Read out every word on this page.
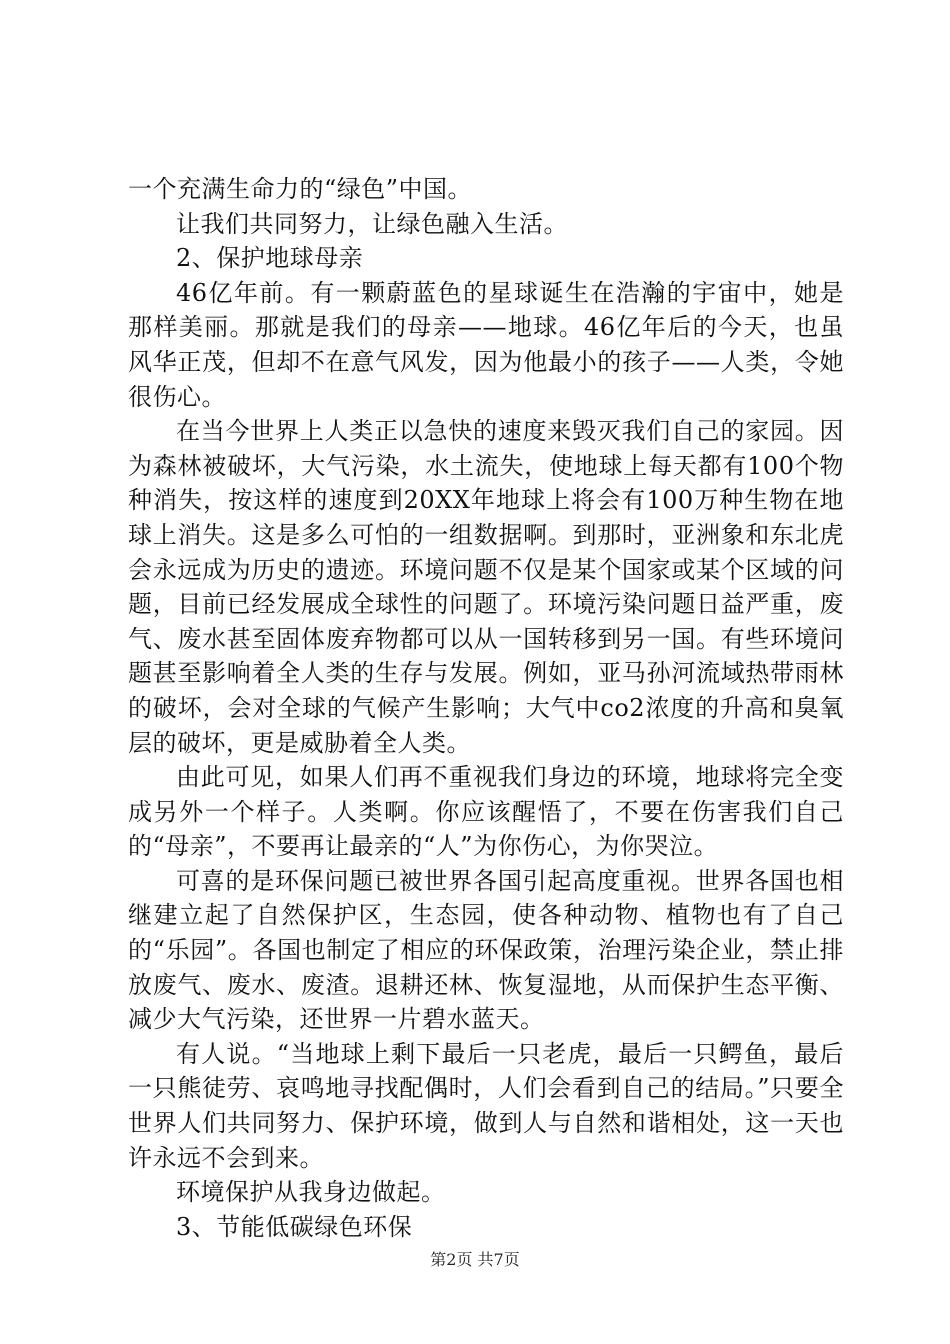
一个充满生命力的“绿色”中国。

让我们共同努力，让绿色融入生活。

2、保护地球母亲

46亿年前。有一颗蔚蓝色的星球诞生在浩瀚的宇宙中，她是那样美丽。那就是我们的母亲——地球。46亿年后的今天，也虽风华正茂，但却不在意气风发，因为他最小的孩子——人类，令她很伤心。

在当今世界上人类正以急快的速度来毁灭我们自己的家园。因为森林被破坏，大气污染，水土流失，使地球上每天都有100个物种消失，按这样的速度到20XX年地球上将会有100万种生物在地球上消失。这是多么可怕的一组数据啊。到那时，亚洲象和东北虎会永远成为历史的遗迹。环境问题不仅是某个国家或某个区域的问题，目前已经发展成全球性的问题了。环境污染问题日益严重，废气、废水甚至固体废弃物都可以从一国转移到另一国。有些环境问题甚至影响着全人类的生存与发展。例如，亚马孙河流域热带雨林的破坏，会对全球的气候产生影响；大气中co2浓度的升高和臭氧层的破坏，更是威胁着全人类。

由此可见，如果人们再不重视我们身边的环境，地球将完全变成另外一个样子。人类啊。你应该醒悟了，不要在伤害我们自己的“母亲”，不要再让最亲的“人”为你伤心，为你哭泣。

可喜的是环保问题已被世界各国引起高度重视。世界各国也相继建立起了自然保护区，生态园，使各种动物、植物也有了自己的“乐园”。各国也制定了相应的环保政策，治理污染企业，禁止排放废气、废水、废渣。退耕还林、恢复湿地，从而保护生态平衡、减少大气污染，还世界一片碧水蓝天。

有人说。“当地球上剩下最后一只老虎，最后一只鳄鱼，最后一只熊徒劳、哀鸣地寻找配偶时，人们会看到自己的结局。”只要全世界人们共同努力、保护环境，做到人与自然和谐相处，这一天也许永远不会到来。

环境保护从我身边做起。

3、节能低碳绿色环保

第2页 共7页
